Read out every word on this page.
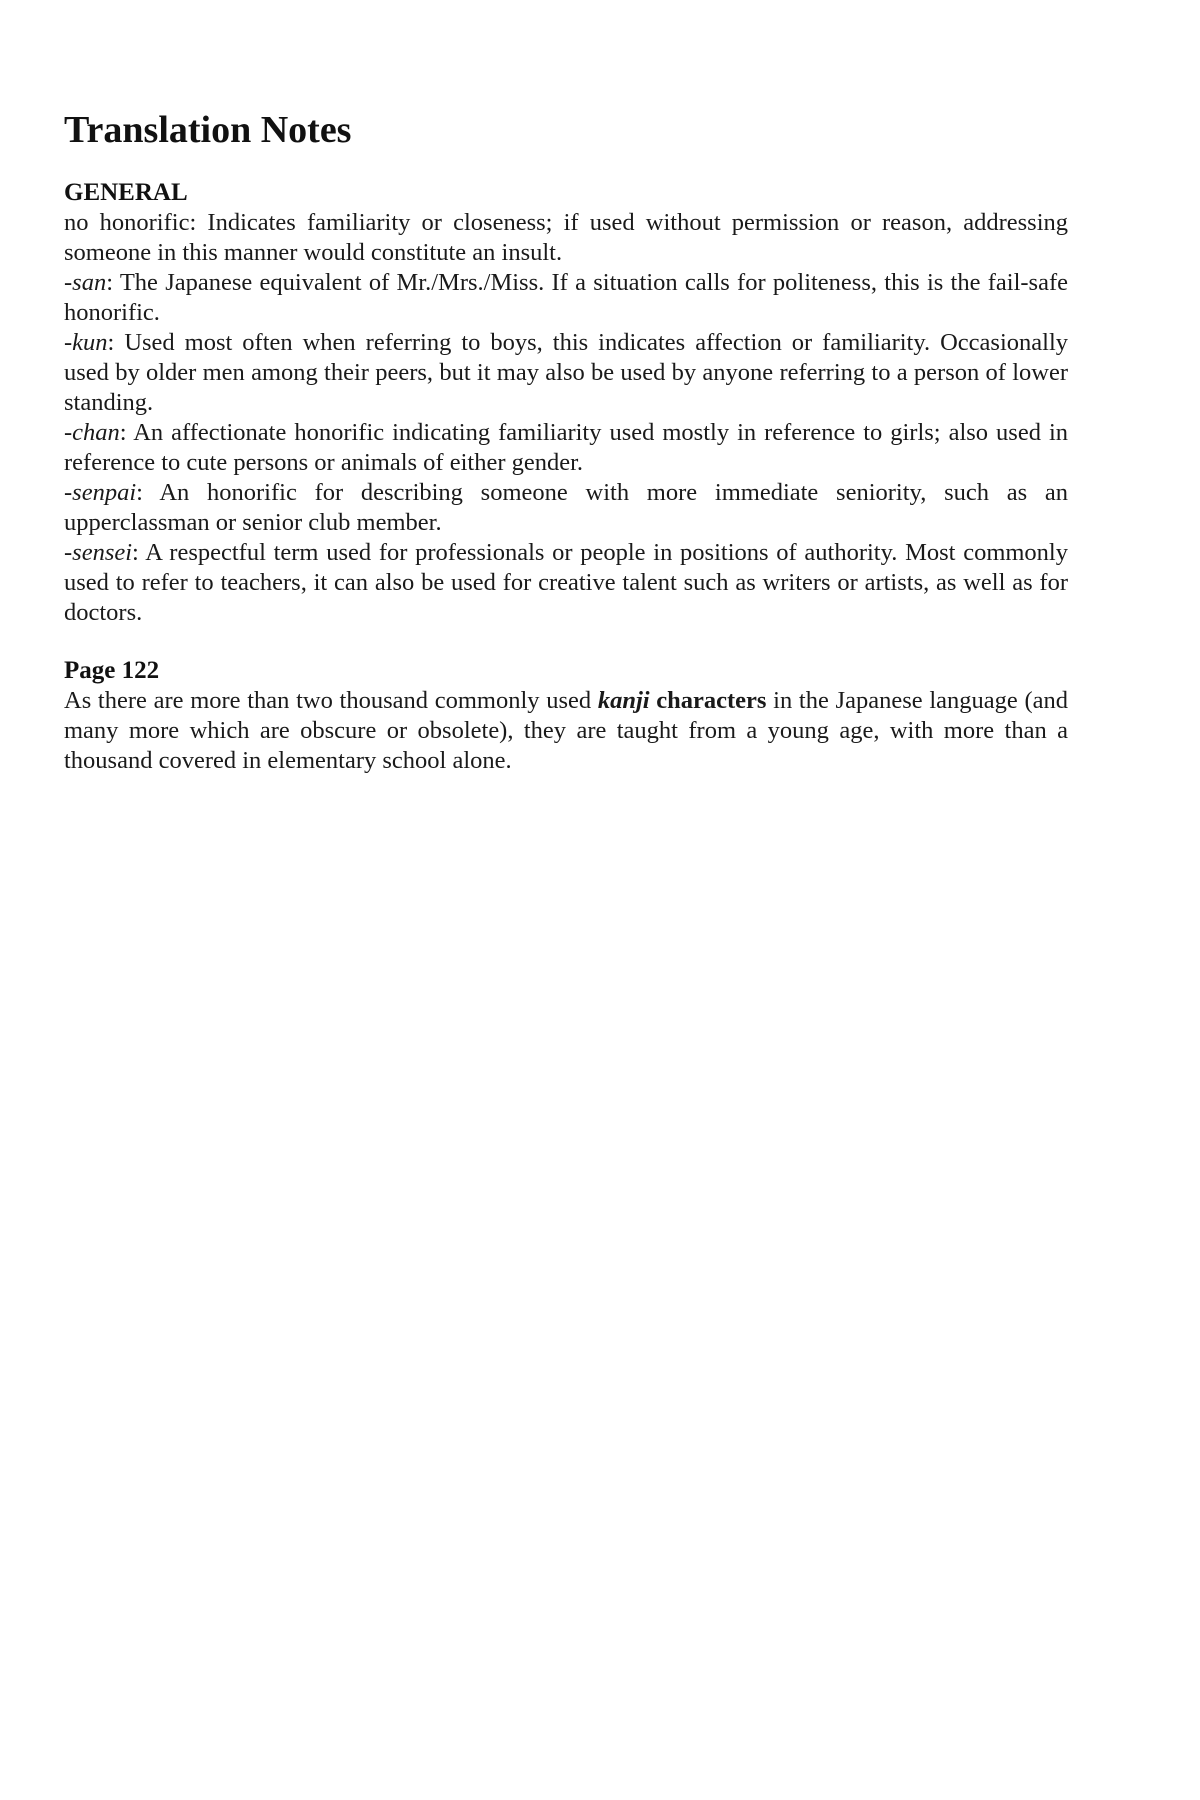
Translation Notes
GENERAL

no honorific: Indicates familiarity or closeness; if used without permission or reason, addressing someone in this manner would constitute an insult.

-san: The Japanese equivalent of Mr./Mrs./Miss. If a situation calls for politeness, this is the fail-safe honorific.

-kun: Used most often when referring to boys, this indicates affection or familiarity. Occasionally used by older men among their peers, but it may also be used by anyone referring to a person of lower standing.

-chan: An affectionate honorific indicating familiarity used mostly in reference to girls; also used in reference to cute persons or animals of either gender.

-senpai: An honorific for describing someone with more immediate seniority, such as an upperclassman or senior club member.

-sensei: A respectful term used for professionals or people in positions of authority. Most commonly used to refer to teachers, it can also be used for creative talent such as writers or artists, as well as for doctors.

Page 122

As there are more than two thousand commonly used kanji characters in the Japanese language (and many more which are obscure or obsolete), they are taught from a young age, with more than a thousand covered in elementary school alone.
